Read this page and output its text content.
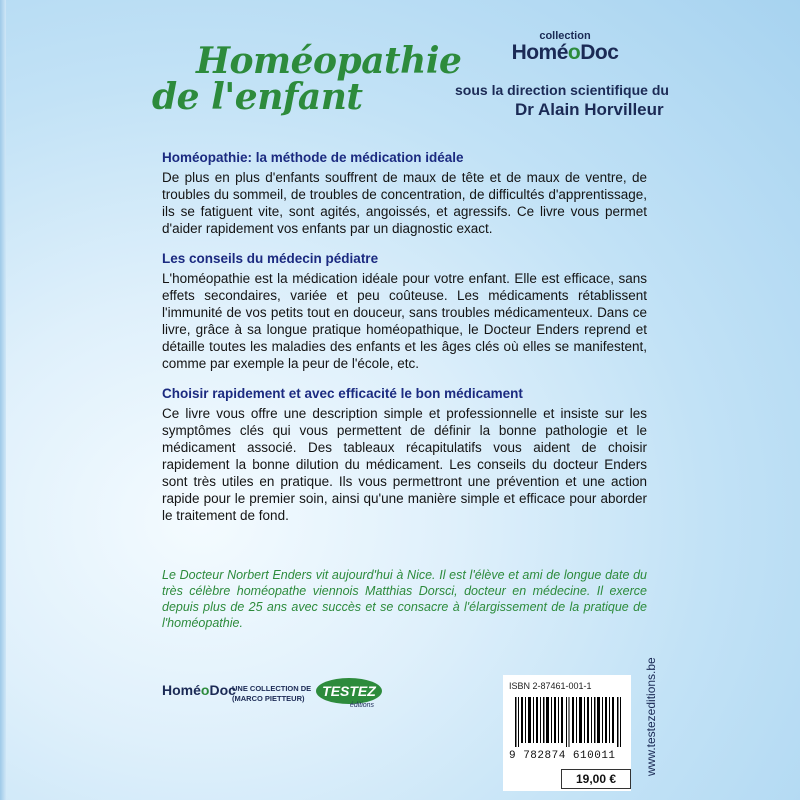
Homéopathie
de l'enfant
collection
HoméoDoc
sous la direction scientifique du
Dr Alain Horvilleur
Homéopathie: la méthode de médication idéale

De plus en plus d'enfants souffrent de maux de tête et de maux de ventre, de troubles du sommeil, de troubles de concentration, de difficultés d'apprentissage, ils se fatiguent vite, sont agités, angoissés, et agressifs. Ce livre vous permet d'aider rapidement vos enfants par un diagnostic exact.

Les conseils du médecin pédiatre

L'homéopathie est la médication idéale pour votre enfant. Elle est efficace, sans effets secondaires, variée et peu coûteuse. Les médicaments rétablissent l'immunité de vos petits tout en douceur, sans troubles médicamenteux. Dans ce livre, grâce à sa longue pratique homéopathique, le Docteur Enders reprend et détaille toutes les maladies des enfants et les âges clés où elles se manifestent, comme par exemple la peur de l'école, etc.

Choisir rapidement et avec efficacité le bon médicament

Ce livre vous offre une description simple et professionnelle et insiste sur les symptômes clés qui vous permettent de définir la bonne pathologie et le médicament associé. Des tableaux récapitulatifs vous aident de choisir rapidement la bonne dilution du médicament. Les conseils du docteur Enders sont très utiles en pratique. Ils vous permettront une prévention et une action rapide pour le premier soin, ainsi qu'une manière simple et efficace pour aborder le traitement de fond.

Le Docteur Norbert Enders vit aujourd'hui à Nice. Il est l'élève et ami de longue date du très célèbre homéopathe viennois Matthias Dorsci, docteur en médecine. Il exerce depuis plus de 25 ans avec succès et se consacre à l'élargissement de la pratique de l'homéopathie.

HoméoDoc
UNE COLLECTION DE
(MARCO PIETTEUR)	TESTEZ
éditions
ISBN 2-87461-001-1
9 782874 610011
19,00 €
www.testezeditions.be
